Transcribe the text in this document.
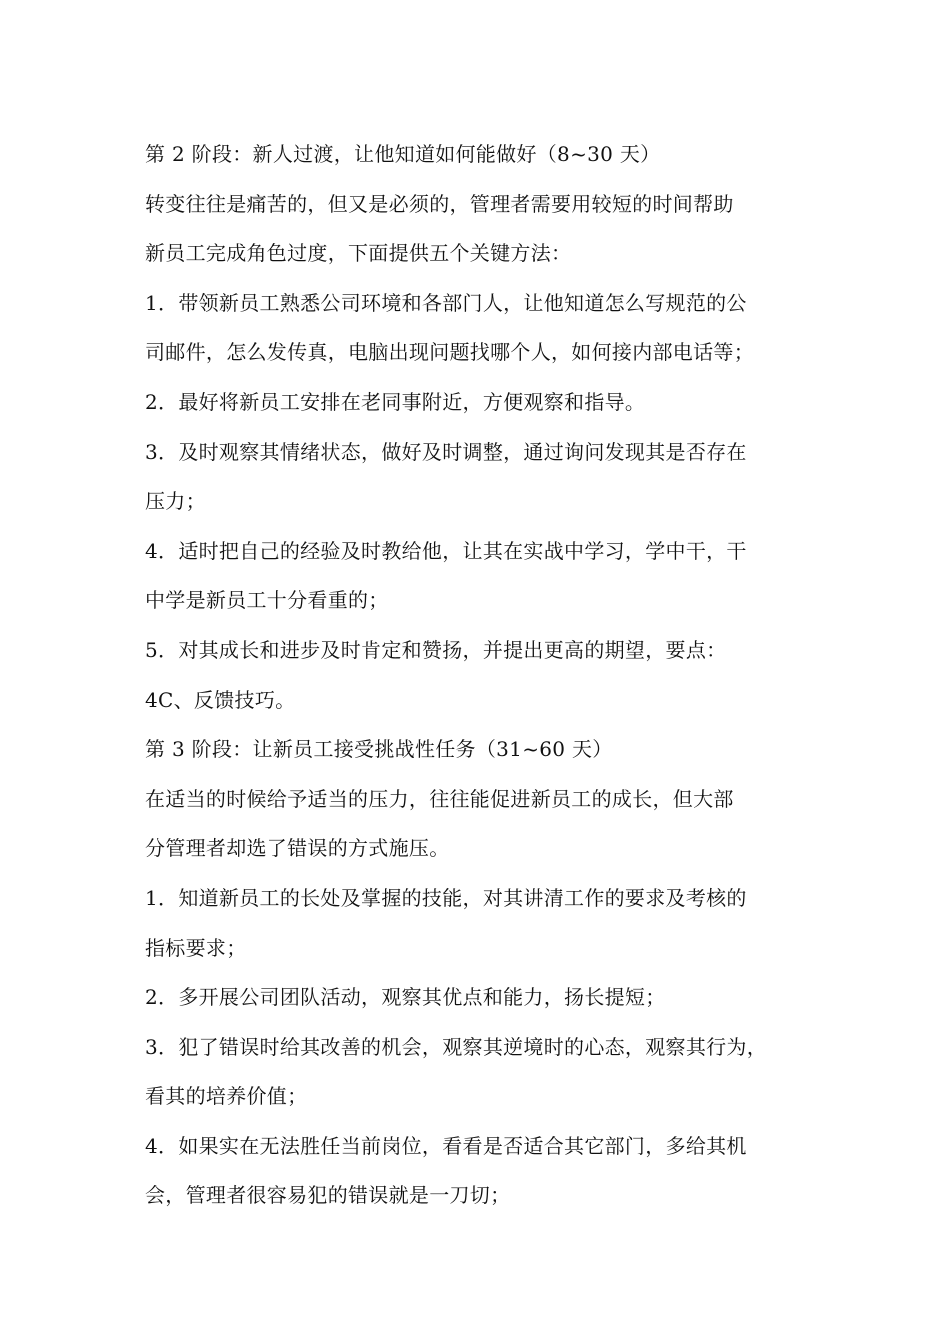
第 2 阶段：新人过渡，让他知道如何能做好（8~30 天）
转变往往是痛苦的，但又是必须的，管理者需要用较短的时间帮助
新员工完成角色过度，下面提供五个关键方法：
1．带领新员工熟悉公司环境和各部门人，让他知道怎么写规范的公
司邮件，怎么发传真，电脑出现问题找哪个人，如何接内部电话等；
2．最好将新员工安排在老同事附近，方便观察和指导。
3．及时观察其情绪状态，做好及时调整，通过询问发现其是否存在
压力；
4．适时把自己的经验及时教给他，让其在实战中学习，学中干，干
中学是新员工十分看重的；
5．对其成长和进步及时肯定和赞扬，并提出更高的期望，要点：
4C、反馈技巧。
第 3 阶段：让新员工接受挑战性任务（31~60 天）
在适当的时候给予适当的压力，往往能促进新员工的成长，但大部
分管理者却选了错误的方式施压。
1．知道新员工的长处及掌握的技能，对其讲清工作的要求及考核的
指标要求；
2．多开展公司团队活动，观察其优点和能力，扬长提短；
3．犯了错误时给其改善的机会，观察其逆境时的心态，观察其行为，
看其的培养价值；
4．如果实在无法胜任当前岗位，看看是否适合其它部门，多给其机
会，管理者很容易犯的错误就是一刀切；
